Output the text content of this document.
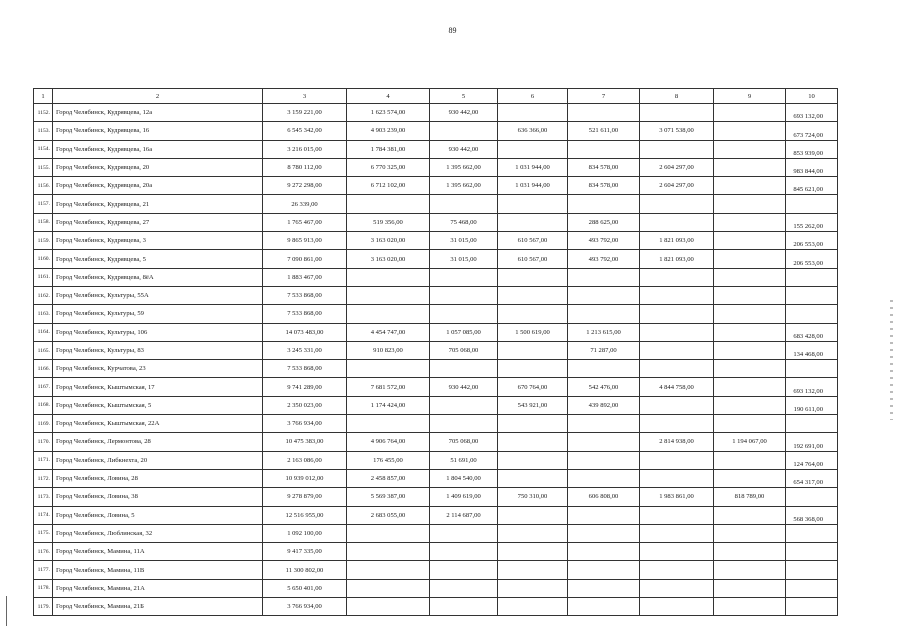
89
1	2	3	4	5	6	7	8	9	10
1152.	Город Челябинск, Кудрявцева, 12а	3 159 221,00	1 623 574,00	930 442,00					693 132,00
1153.	Город Челябинск, Кудрявцева, 16	6 545 342,00	4 903 239,00		636 366,00	521 611,00	3 071 538,00		673 724,00
1154.	Город Челябинск, Кудрявцева, 16а	3 216 015,00	1 784 381,00	930 442,00					853 939,00
1155.	Город Челябинск, Кудрявцева, 20	8 780 112,00	6 770 325,00	1 395 662,00	1 031 944,00	834 578,00	2 604 297,00		983 844,00
1156.	Город Челябинск, Кудрявцева, 20а	9 272 298,00	6 712 102,00	1 395 662,00	1 031 944,00	834 578,00	2 604 297,00		845 621,00
1157.	Город Челябинск, Кудрявцева, 21	26 339,00							
1158.	Город Челябинск, Кудрявцева, 27	1 765 467,00	519 356,00	75 468,00		288 625,00			155 262,00
1159.	Город Челябинск, Кудрявцева, 3	9 865 913,00	3 163 020,00	31 015,00	610 567,00	493 792,00	1 821 093,00		206 553,00
1160.	Город Челябинск, Кудрявцева, 5	7 090 861,00	3 163 020,00	31 015,00	610 567,00	493 792,00	1 821 093,00		206 553,00
1161.	Город Челябинск, Кудрявцева, 8ёА	1 883 467,00							
1162.	Город Челябинск, Культуры, 55А	7 533 868,00							
1163.	Город Челябинск, Культуры, 59	7 533 868,00							
1164.	Город Челябинск, Культуры, 106	14 073 483,00	4 454 747,00	1 057 085,00	1 500 619,00	1 213 615,00			683 428,00
1165.	Город Челябинск, Культуры, 83	3 245 331,00	910 823,00	705 068,00		71 287,00			134 468,00
1166.	Город Челябинск, Курчатова, 23	7 533 868,00							
1167.	Город Челябинск, Кыштымская, 17	9 741 289,00	7 681 572,00	930 442,00	670 764,00	542 476,00	4 844 758,00		693 132,00
1168.	Город Челябинск, Кыштымская, 5	2 350 023,00	1 174 424,00		543 921,00	439 892,00			190 611,00
1169.	Город Челябинск, Кыштымская, 22А	3 766 934,00							
1170.	Город Челябинск, Лермонтова, 28	10 475 383,00	4 906 764,00	705 068,00			2 814 938,00	1 194 067,00	192 691,00
1171.	Город Челябинск, Либкнехта, 20	2 163 086,00	176 455,00	51 691,00					124 764,00
1172.	Город Челябинск, Ловина, 28	10 939 012,00	2 458 857,00	1 804 540,00					654 317,00
1173.	Город Челябинск, Ловина, 38	9 278 879,00	5 569 387,00	1 409 619,00	750 310,00	606 808,00	1 983 861,00	818 789,00	
1174.	Город Челябинск, Ловина, 5	12 516 955,00	2 683 055,00	2 114 687,00					568 368,00
1175.	Город Челябинск, Люблинская, 32	1 092 100,00							
1176.	Город Челябинск, Мамина, 11А	9 417 335,00							
1177.	Город Челябинск, Мамина, 11В	11 300 802,00							
1178.	Город Челябинск, Мамина, 21А	5 650 401,00							
1179.	Город Челябинск, Мамина, 21Б	3 766 934,00							
